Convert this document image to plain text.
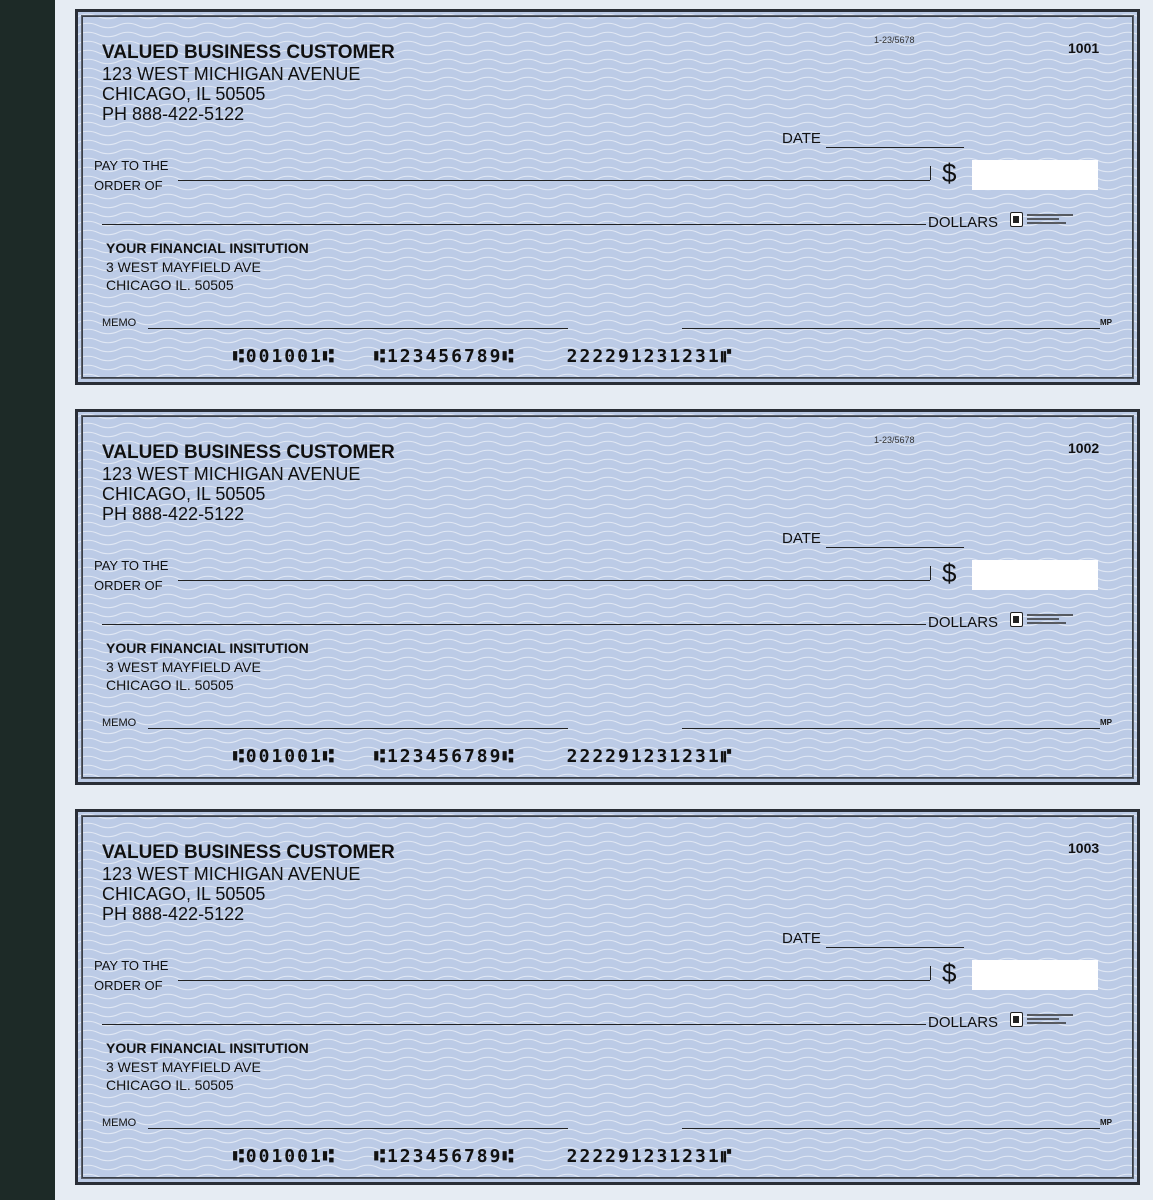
VALUED BUSINESS CUSTOMER
123 WEST MICHIGAN AVENUE
CHICAGO, IL 50505
PH 888-422-5122
1-23/5678	1001
DATE
PAY TO THE
ORDER OF	$
DOLLARS
YOUR FINANCIAL INSITUTION
3 WEST MAYFIELD AVE
CHICAGO IL. 50505
MEMO	MP
⑆001001⑆ ⑆123456789⑆	222291231231⑈
VALUED BUSINESS CUSTOMER
123 WEST MICHIGAN AVENUE
CHICAGO, IL 50505
PH 888-422-5122
1-23/5678	1002
DATE
PAY TO THE
ORDER OF	$
DOLLARS
YOUR FINANCIAL INSITUTION
3 WEST MAYFIELD AVE
CHICAGO IL. 50505
MEMO	MP
⑆001001⑆ ⑆123456789⑆	222291231231⑈
VALUED BUSINESS CUSTOMER
123 WEST MICHIGAN AVENUE
CHICAGO, IL 50505
PH 888-422-5122
1003
DATE
PAY TO THE
ORDER OF	$
DOLLARS
YOUR FINANCIAL INSITUTION
3 WEST MAYFIELD AVE
CHICAGO IL. 50505
MEMO	MP
⑆001001⑆ ⑆123456789⑆	222291231231⑈
